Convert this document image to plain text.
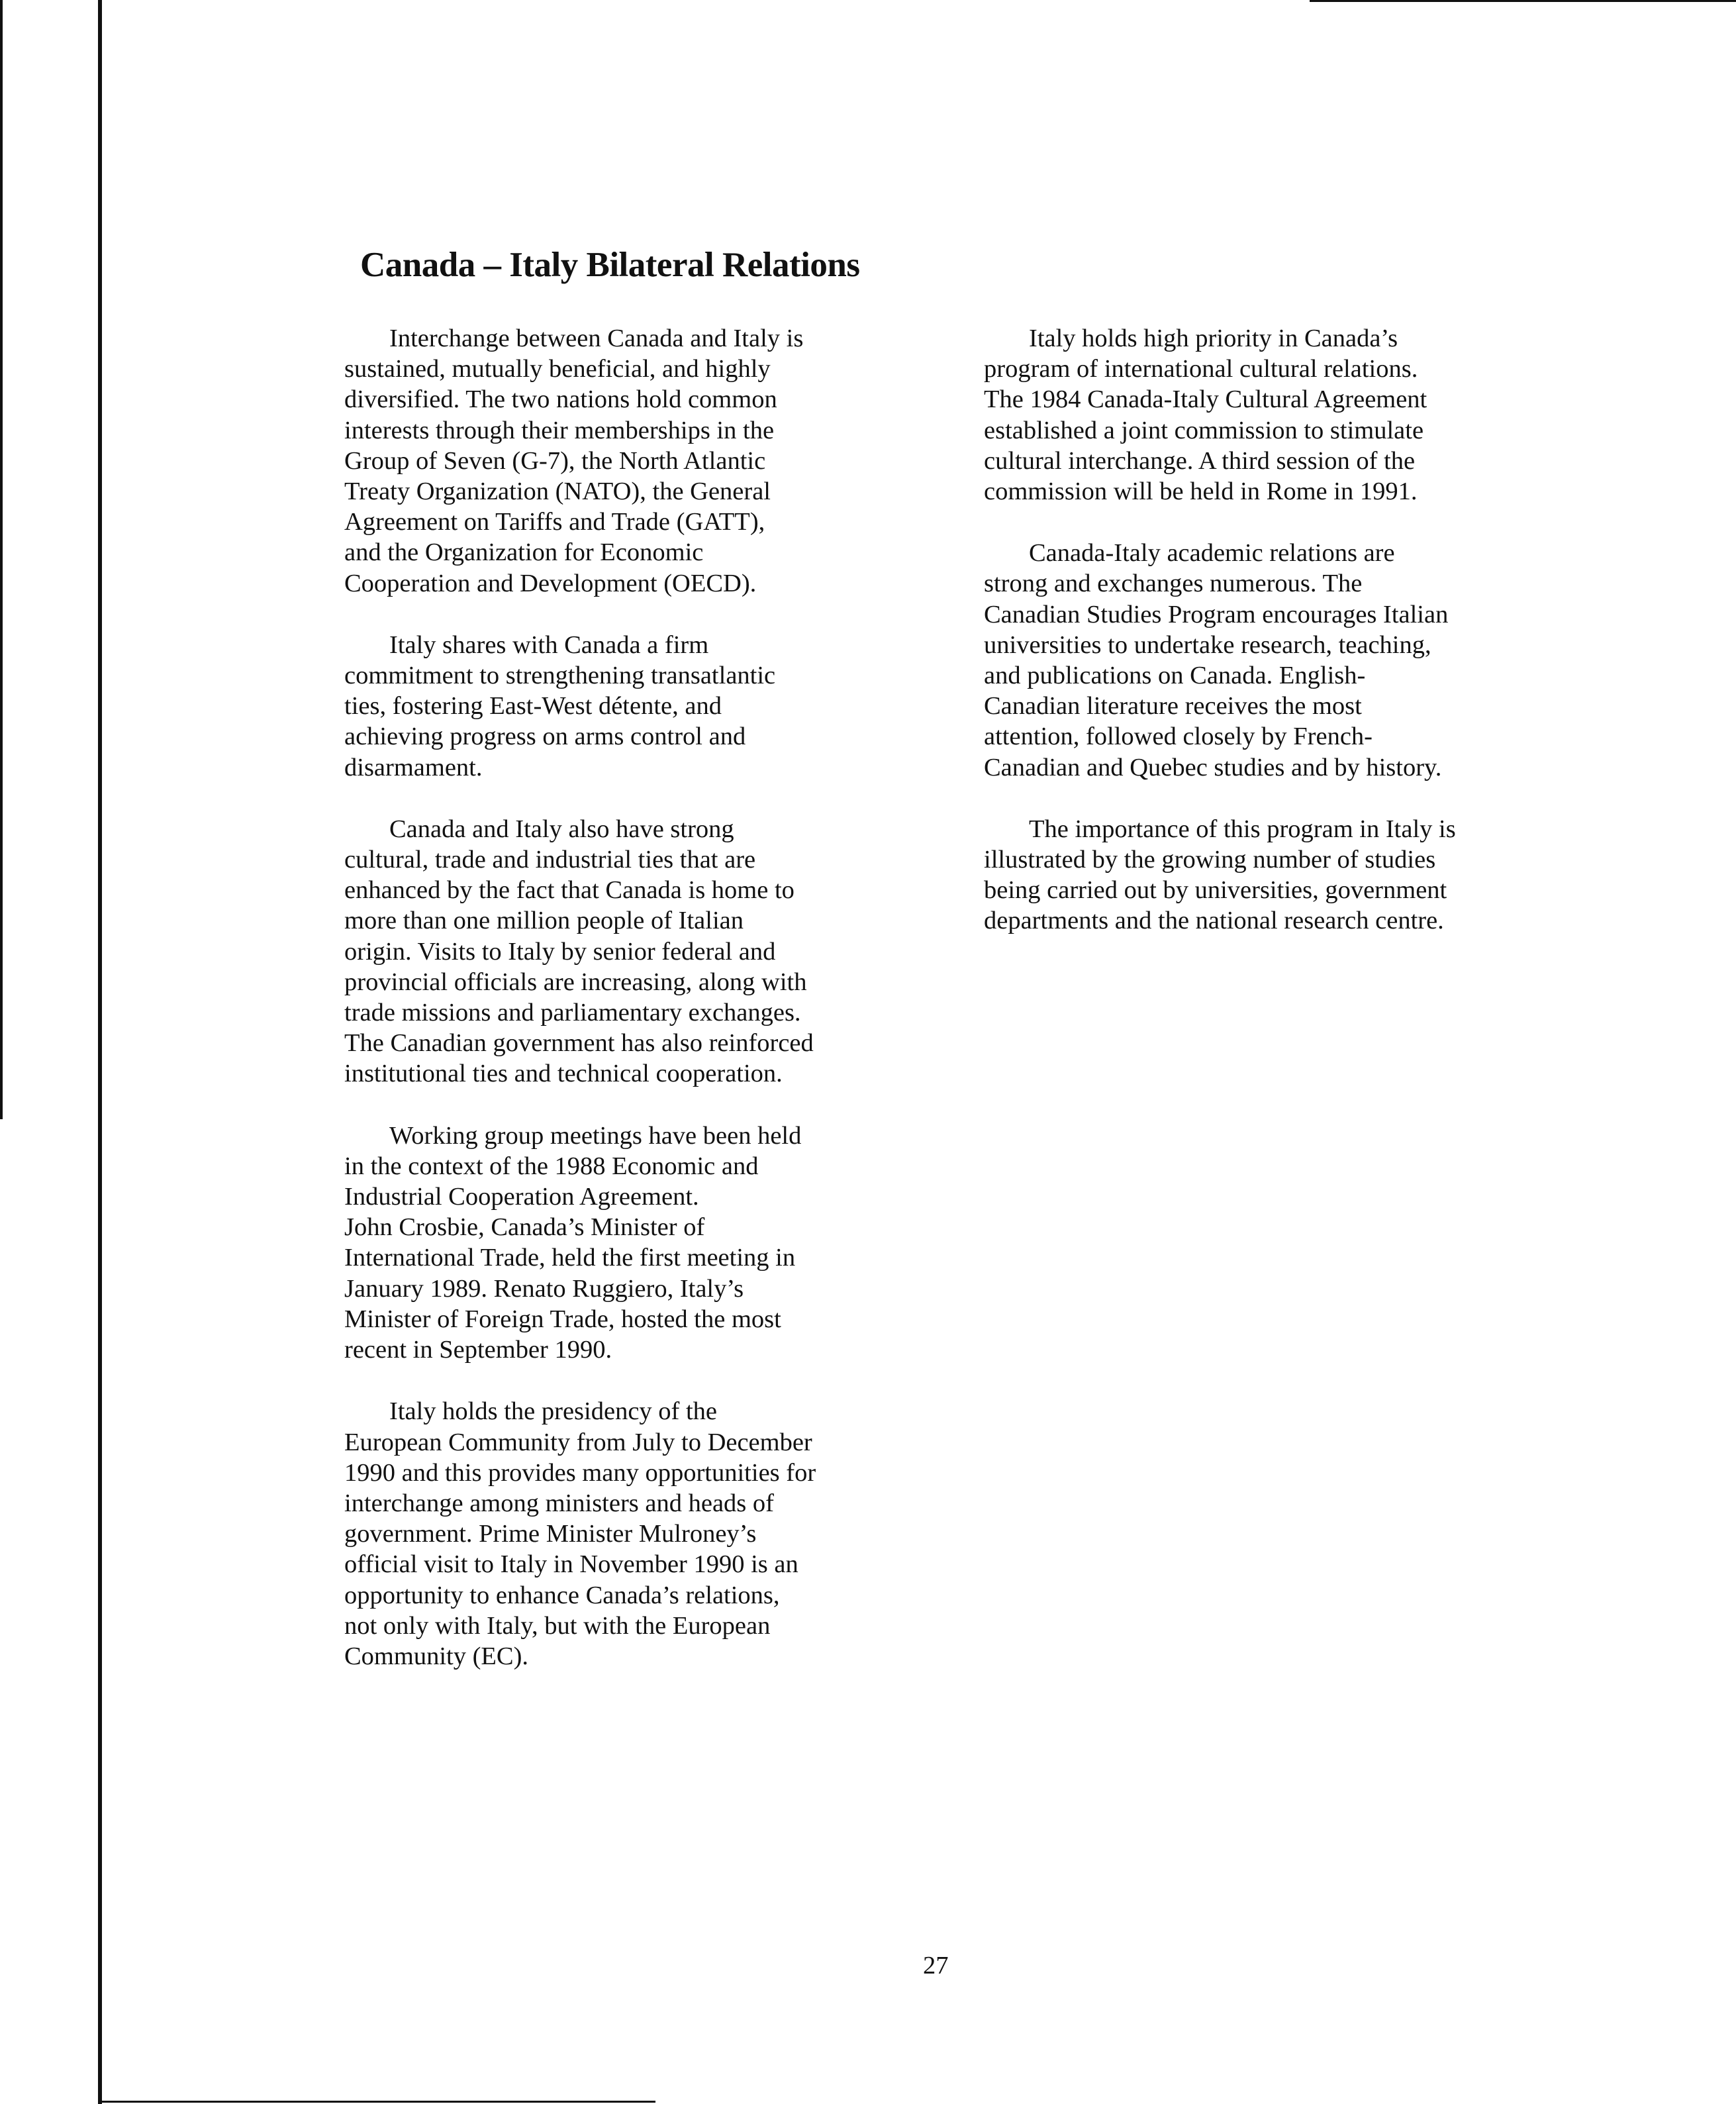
Canada – Italy Bilateral Relations

Interchange between Canada and Italy is
sustained, mutually beneficial, and highly
diversified. The two nations hold common
interests through their memberships in the
Group of Seven (G-7), the North Atlantic
Treaty Organization (NATO), the General
Agreement on Tariffs and Trade (GATT),
and the Organization for Economic
Cooperation and Development (OECD).

Italy shares with Canada a firm
commitment to strengthening transatlantic
ties, fostering East-West détente, and
achieving progress on arms control and
disarmament.

Canada and Italy also have strong
cultural, trade and industrial ties that are
enhanced by the fact that Canada is home to
more than one million people of Italian
origin. Visits to Italy by senior federal and
provincial officials are increasing, along with
trade missions and parliamentary exchanges.
The Canadian government has also reinforced
institutional ties and technical cooperation.

Working group meetings have been held
in the context of the 1988 Economic and
Industrial Cooperation Agreement.
John Crosbie, Canada’s Minister of
International Trade, held the first meeting in
January 1989. Renato Ruggiero, Italy’s
Minister of Foreign Trade, hosted the most
recent in September 1990.

Italy holds the presidency of the
European Community from July to December
1990 and this provides many opportunities for
interchange among ministers and heads of
government. Prime Minister Mulroney’s
official visit to Italy in November 1990 is an
opportunity to enhance Canada’s relations,
not only with Italy, but with the European
Community (EC).

Italy holds high priority in Canada’s
program of international cultural relations.
The 1984 Canada-Italy Cultural Agreement
established a joint commission to stimulate
cultural interchange. A third session of the
commission will be held in Rome in 1991.

Canada-Italy academic relations are
strong and exchanges numerous. The
Canadian Studies Program encourages Italian
universities to undertake research, teaching,
and publications on Canada. English-
Canadian literature receives the most
attention, followed closely by French-
Canadian and Quebec studies and by history.

The importance of this program in Italy is
illustrated by the growing number of studies
being carried out by universities, government
departments and the national research centre.

27
